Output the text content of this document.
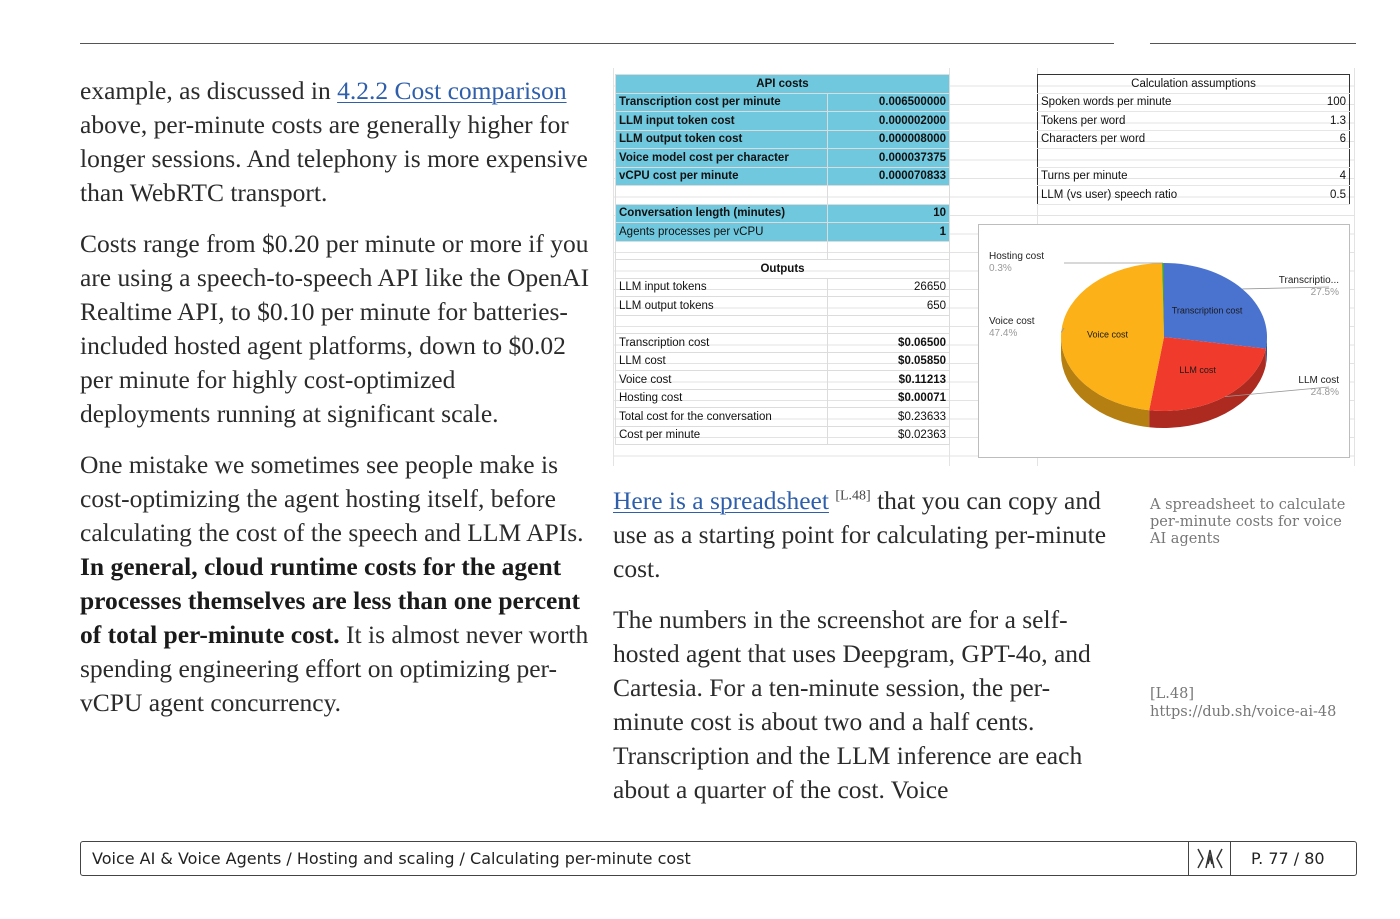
example, as discussed in 4.2.2 Cost comparison above, per-minute costs are generally higher for longer sessions. And telephony is more expensive than WebRTC transport.

Costs range from $0.20 per minute or more if you are using a speech-to-speech API like the OpenAI Realtime API, to $0.10 per minute for batteries-included hosted agent platforms, down to $0.02 per minute for highly cost-optimized deployments running at significant scale.

One mistake we sometimes see people make is cost-optimizing the agent hosting itself, before calculating the cost of the speech and LLM APIs. In general, cloud runtime costs for the agent processes themselves are less than one percent of total per-minute cost. It is almost never worth spending engineering effort on optimizing per-vCPU agent concurrency.

API costs	
Transcription cost per minute	0.006500000
LLM input token cost	0.000002000
LLM output token cost	0.000008000
Voice model cost per character	0.000037375
vCPU cost per minute	0.000070833

Conversation length (minutes)	10
Agents processes per vCPU	1

Outputs	
LLM input tokens	26650
LLM output tokens	650

Transcription cost	$0.06500
LLM cost	$0.05850
Voice cost	$0.11213
Hosting cost	$0.00071
Total cost for the conversation	$0.23633
Cost per minute	$0.02363
Calculation assumptions	
Spoken words per minute	100
Tokens per word	1.3
Characters per word	6

Turns per minute	4
LLM (vs user) speech ratio	0.5
Transcription cost
LLM cost
Voice cost
Transcriptio...
27.5%
LLM cost
24.8%
Voice cost
47.4%
Hosting cost
0.3%

Here is a spreadsheet [L.48] that you can copy and use as a starting point for calculating per-minute cost.

The numbers in the screenshot are for a self-hosted agent that uses Deepgram, GPT-4o, and Cartesia. For a ten-minute session, the per-minute cost is about two and a half cents. Transcription and the LLM inference are each about a quarter of the cost. Voice

A spreadsheet to calculate per-minute costs for voice AI agents
[L.48]
https://dub.sh/voice-ai-48
Voice AI & Voice Agents / Hosting and scaling / Calculating per-minute cost	P. 77 / 80
